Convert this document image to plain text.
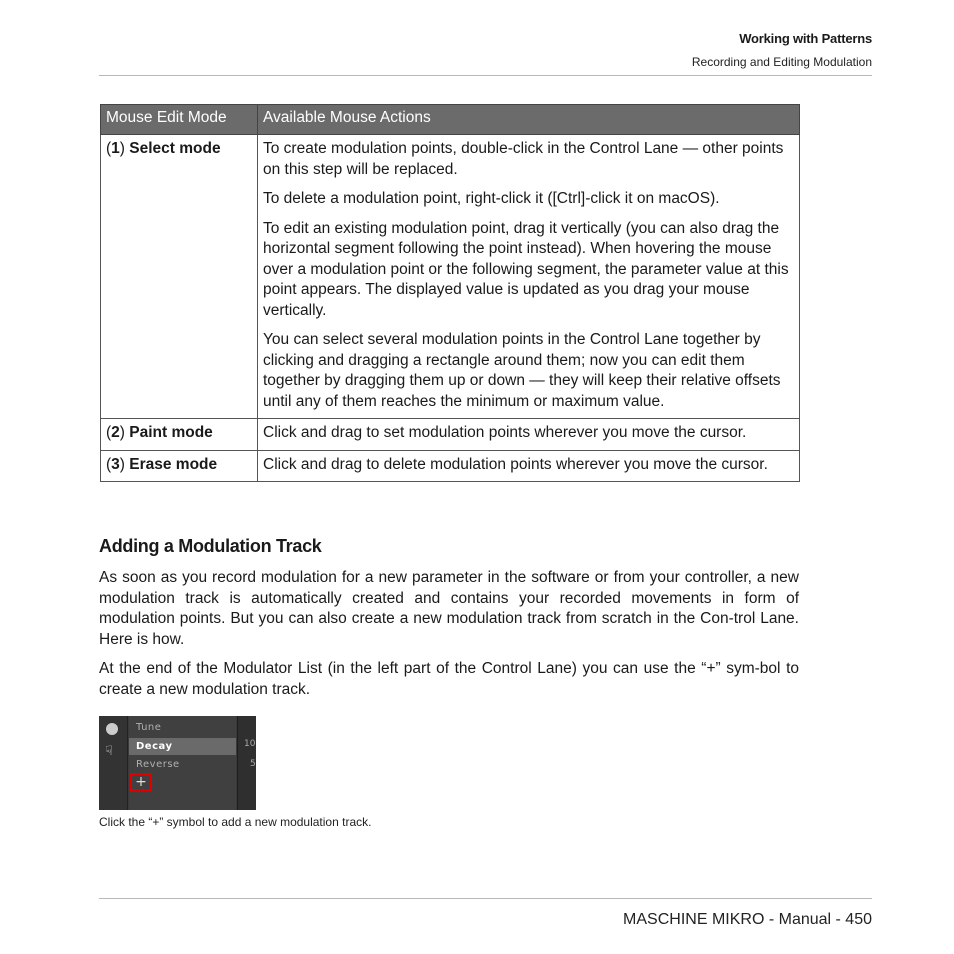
Working with Patterns
Recording and Editing Modulation
Mouse Edit Mode	Available Mouse Actions
(1) Select mode	To create modulation points, double-click in the Control Lane — other points on this step will be replaced.

To delete a modulation point, right-click it ([Ctrl]-click it on macOS).

To edit an existing modulation point, drag it vertically (you can also drag the horizontal segment following the point instead). When hovering the mouse over a modulation point or the following segment, the parameter value at this point appears. The displayed value is updated as you drag your mouse vertically.

You can select several modulation points in the Control Lane together by clicking and dragging a rectangle around them; now you can edit them together by dragging them up or down — they will keep their relative offsets until any of them reaches the minimum or maximum value.

(2) Paint mode	Click and drag to set modulation points wherever you move the cursor.

(3) Erase mode	Click and drag to delete modulation points wherever you move the cursor.

Adding a Modulation Track

As soon as you record modulation for a new parameter in the software or from your controller, a new modulation track is automatically created and contains your recorded movements in form of modulation points. But you can also create a new modulation track from scratch in the Con-trol Lane. Here is how.

At the end of the Modulator List (in the left part of the Control Lane) you can use the “+” sym-bol to create a new modulation track.

☟
Tune
Decay
Reverse
+
10
5
Click the “+” symbol to add a new modulation track.
MASCHINE MIKRO - Manual - 450
